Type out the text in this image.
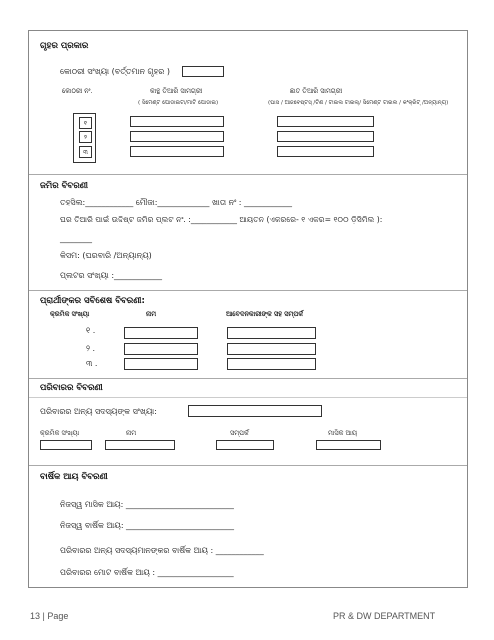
ଗୃହର ପ୍ରକାର
କୋଠରୀ ସଂଖ୍ୟା (ବର୍ତ୍ତମାନ ଗୃହର )
କୋଠରୀ ନଂ.	କାନ୍ଥ ତିଆରି ସାମଗ୍ରୀ	ଛାତ ତିଆରି ସାମଗ୍ରୀ
( ସିମେଣ୍ଟ ପୋଡାଇଟା/ମାଟି ପୋଡାଇ)	(ଘାସ / ଆଜବେଷ୍ଟସ୍ /ଟିଣ / ଟାଇଲ ଟାଇଲ୍/ ସିମେଣ୍ଟ ଟାଇଲ / କଂକ୍ରିଟ୍ /ଅନ୍ୟାନ୍ୟ)
୧
୨
୩
ଜମିର ବିବରଣୀ
ତହସିଲ:____________ ମୌଜା:_____________ ଖାତା ନଂ : ____________
ଘର ତିଆରି ପାଇଁ ଉଦ୍ଦିଷ୍ଟ ଜମିର ପ୍ଲଟ ନଂ. :____________ ଆୟତନ (ଏକରରେ- ୧ ଏକର= ୧୦୦ ଡ଼ିସିମିଲ ):
________
କିସମ: (ଘରବାରି /ଅନ୍ୟାନ୍ୟ)
ପ୍ଲଟର ସଂଖ୍ୟା :____________
ପ୍ରାର୍ଥୀଙ୍କର ସବିଶେଷ ବିବରଣୀ:
କ୍ରମିକ ସଂଖ୍ୟା	ନାମ	ଆବେଦନକାରୀଙ୍କ ସହ ସମ୍ପର୍କ
୧ .
୨ .
୩ .
ପରିବାରର ବିବରଣୀ
ପରିବାରର ଅନ୍ୟ ସଦସ୍ୟଙ୍କ ସଂଖ୍ୟା:
କ୍ରମିକ ସଂଖ୍ୟା	ନାମ	ସମ୍ପର୍କ	ମାସିକ ଆୟ
ବାର୍ଷିକ ଆୟ ବିବରଣୀ
ନିଜସ୍ୱ ମାସିକ ଆୟ: ___________________________
ନିଜସ୍ୱ ବାର୍ଷିକ ଆୟ: ___________________________
ପରିବାରର ଅନ୍ୟ ସଦସ୍ୟମାନଙ୍କର ବାର୍ଷିକ ଆୟ : ____________
ପରିବାରର ମୋଟ ବାର୍ଷିକ ଆୟ : ___________________
13 | Page	PR & DW DEPARTMENT
